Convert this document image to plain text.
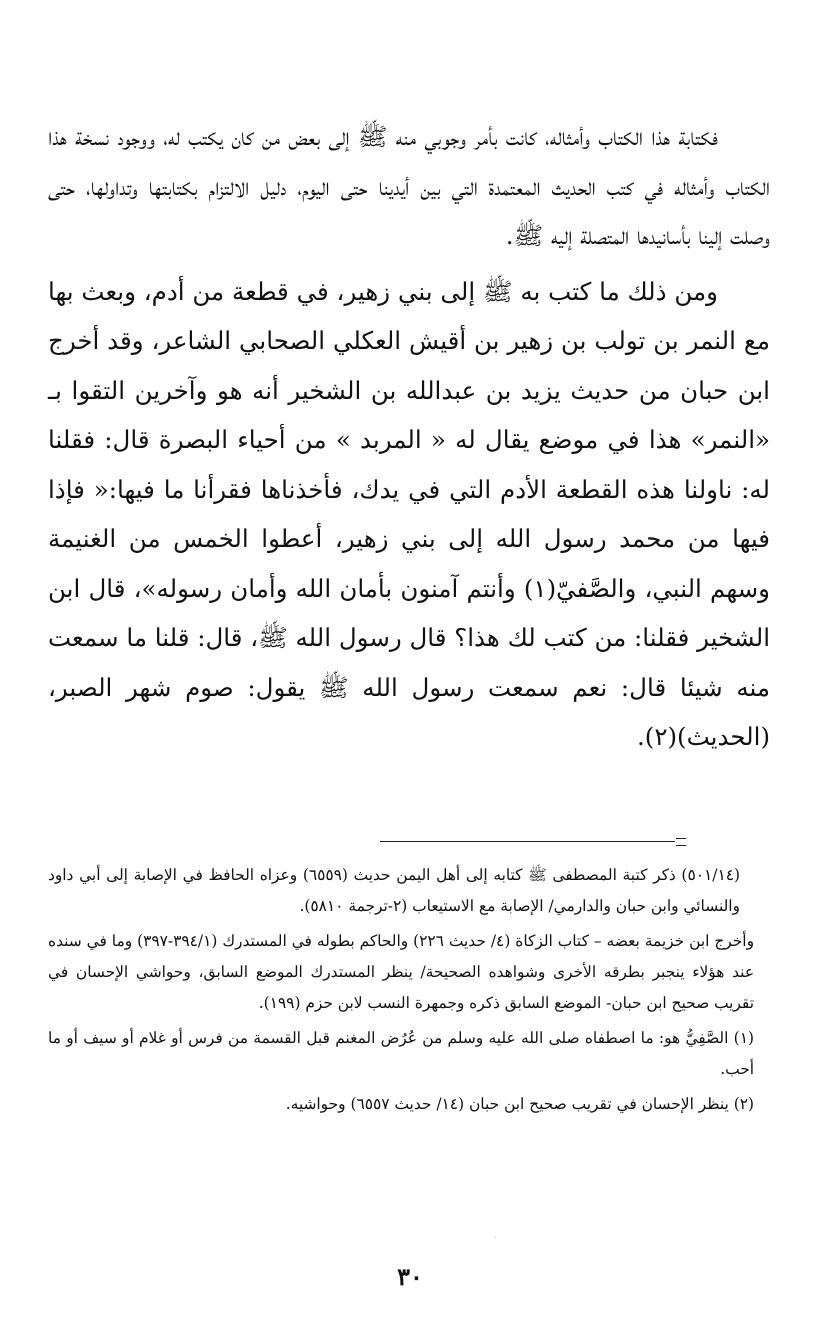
فكتابة هذا الكتاب وأمثاله، كانت بأمر وجوبي منه ﷺ إلى بعض من كان يكتب له، ووجود نسخة هذا الكتاب وأمثاله في كتب الحديث المعتمدة التي بين أيدينا حتى اليوم، دليل الالتزام بكتابتها وتداولها، حتى وصلت إلينا بأسانيدها المتصلة إليه ﷺ.

ومن ذلك ما كتب به ﷺ إلى بني زهير، في قطعة من أدم، وبعث بها مع النمر بن تولب بن زهير بن أقيش العكلي الصحابي الشاعر، وقد أخرج ابن حبان من حديث يزيد بن عبدالله بن الشخير أنه هو وآخرين التقوا بـ «النمر» هذا في موضع يقال له « المربد » من أحياء البصرة قال: فقلنا له: ناولنا هذه القطعة الأدم التي في يدك، فأخذناها فقرأنا ما فيها:« فإذا فيها من محمد رسول الله إلى بني زهير، أعطوا الخمس من الغنيمة وسهم النبي، والصَّفيّ(١) وأنتم آمنون بأمان الله وأمان رسوله»، قال ابن الشخير فقلنا: من كتب لك هذا؟ قال رسول الله ﷺ، قال: قلنا ما سمعت منه شيئا قال: نعم سمعت رسول الله ﷺ يقول: صوم شهر الصبر، (الحديث)(٢).

(٥٠١/١٤) ذكر كتبة المصطفى ﷺ كتابه إلى أهل اليمن حديث (٦٥٥٩) وعزاه الحافظ في الإصابة إلى أبي داود والنسائي وابن حبان والدارمي/ الإصابة مع الاستيعاب (٢-ترجمة ٥٨١٠).

وأخرج ابن خزيمة بعضه – كتاب الزكاة (٤/ حديث ٢٢٦) والحاكم بطوله في المستدرك (٣٩٤/١-٣٩٧) وما في سنده عند هؤلاء ينجبر بطرقه الأخرى وشواهده الصحيحة/ ينظر المستدرك الموضع السابق، وحواشي الإحسان في تقريب صحيح ابن حبان- الموضع السابق ذكره وجمهرة النسب لابن حزم (١٩٩).

(١) الصَّفِيُّ هو: ما اصطفاه صلى الله عليه وسلم من عُرُض المغنم قبل القسمة من فرس أو غلام أو سيف أو ما أحب.

(٢) ينظر الإحسان في تقريب صحيح ابن حبان (١٤/ حديث ٦٥٥٧) وحواشيه.

٣٠
